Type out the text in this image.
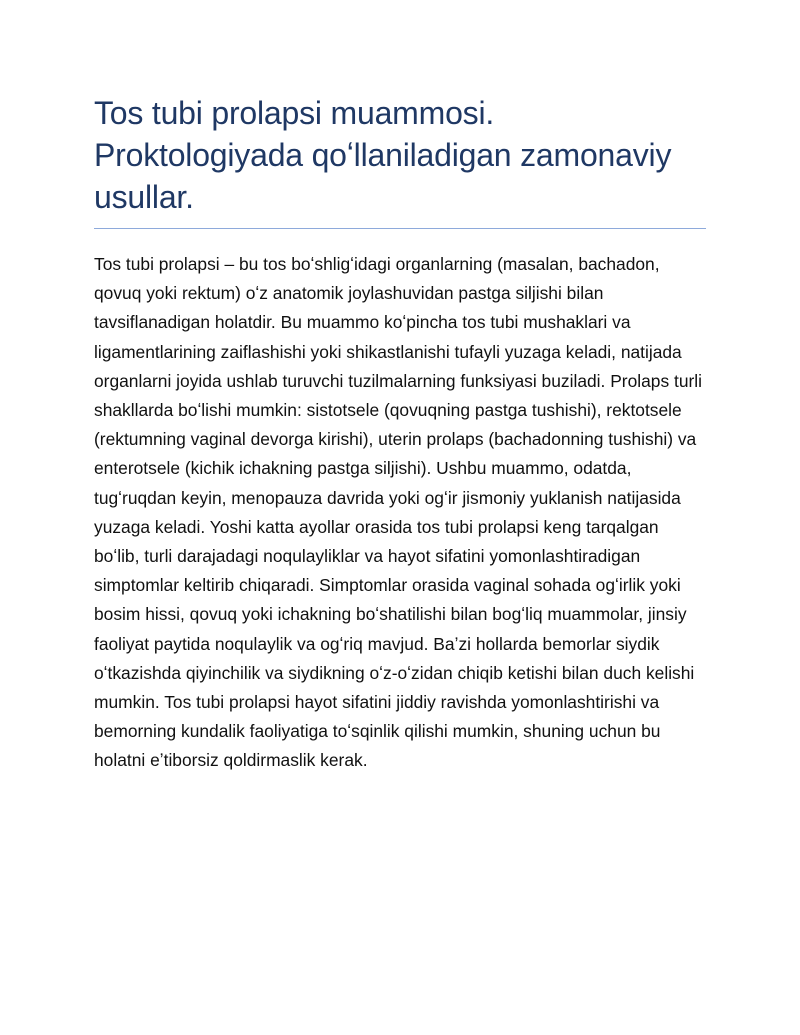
Tos tubi prolapsi muammosi. Proktologiyada qoʻllaniladigan zamonaviy usullar.

Tos tubi prolapsi – bu tos boʻshligʻidagi organlarning (masalan, bachadon, qovuq yoki rektum) oʻz anatomik joylashuvidan pastga siljishi bilan tavsiflanadigan holatdir. Bu muammo koʻpincha tos tubi mushaklari va ligamentlarining zaiflashishi yoki shikastlanishi tufayli yuzaga keladi, natijada organlarni joyida ushlab turuvchi tuzilmalarning funksiyasi buziladi. Prolaps turli shakllarda boʻlishi mumkin: sistotsele (qovuqning pastga tushishi), rektotsele (rektumning vaginal devorga kirishi), uterin prolaps (bachadonning tushishi) va enterotsele (kichik ichakning pastga siljishi). Ushbu muammo, odatda, tugʻruqdan keyin, menopauza davrida yoki ogʻir jismoniy yuklanish natijasida yuzaga keladi. Yoshi katta ayollar orasida tos tubi prolapsi keng tarqalgan boʻlib, turli darajadagi noqulayliklar va hayot sifatini yomonlashtiradigan simptomlar keltirib chiqaradi. Simptomlar orasida vaginal sohada ogʻirlik yoki bosim hissi, qovuq yoki ichakning boʻshatilishi bilan bogʻliq muammolar, jinsiy faoliyat paytida noqulaylik va ogʻriq mavjud. Baʼzi hollarda bemorlar siydik oʻtkazishda qiyinchilik va siydikning oʻz-oʻzidan chiqib ketishi bilan duch kelishi mumkin. Tos tubi prolapsi hayot sifatini jiddiy ravishda yomonlashtirishi va bemorning kundalik faoliyatiga toʻsqinlik qilishi mumkin, shuning uchun bu holatni eʼtiborsiz qoldirmaslik kerak.
